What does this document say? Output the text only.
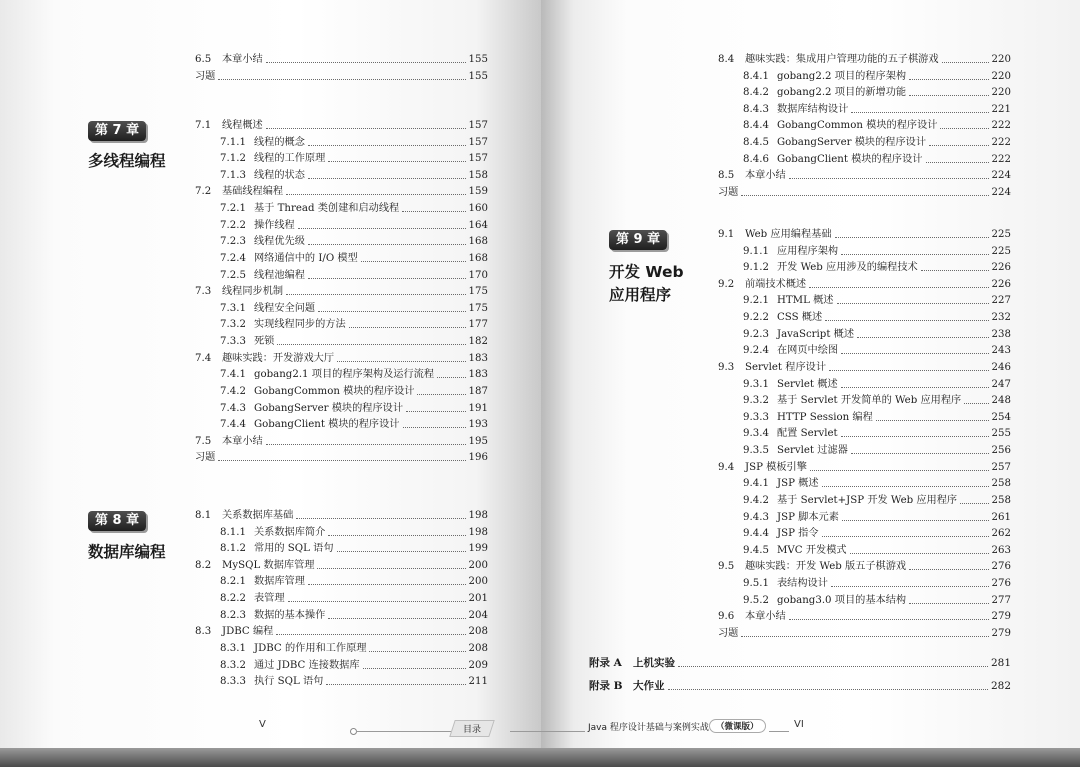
6.5 本章小结	155
习题	155
第 7 章
多线程编程
7.1 线程概述	157
7.1.1 线程的概念	157
7.1.2 线程的工作原理	157
7.1.3 线程的状态	158
7.2 基础线程编程	159
7.2.1 基于 Thread 类创建和启动线程	160
7.2.2 操作线程	164
7.2.3 线程优先级	168
7.2.4 网络通信中的 I/O 模型	168
7.2.5 线程池编程	170
7.3 线程同步机制	175
7.3.1 线程安全问题	175
7.3.2 实现线程同步的方法	177
7.3.3 死锁	182
7.4 趣味实践：开发游戏大厅	183
7.4.1 gobang2.1 项目的程序架构及运行流程	183
7.4.2 GobangCommon 模块的程序设计	187
7.4.3 GobangServer 模块的程序设计	191
7.4.4 GobangClient 模块的程序设计	193
7.5 本章小结	195
习题	196
第 8 章
数据库编程
8.1 关系数据库基础	198
8.1.1 关系数据库简介	198
8.1.2 常用的 SQL 语句	199
8.2 MySQL 数据库管理	200
8.2.1 数据库管理	200
8.2.2 表管理	201
8.2.3 数据的基本操作	204
8.3 JDBC 编程	208
8.3.1 JDBC 的作用和工作原理	208
8.3.2 通过 JDBC 连接数据库	209
8.3.3 执行 SQL 语句	211
V	目录
8.4 趣味实践：集成用户管理功能的五子棋游戏	220
8.4.1 gobang2.2 项目的程序架构	220
8.4.2 gobang2.2 项目的新增功能	220
8.4.3 数据库结构设计	221
8.4.4 GobangCommon 模块的程序设计	222
8.4.5 GobangServer 模块的程序设计	222
8.4.6 GobangClient 模块的程序设计	222
8.5 本章小结	224
习题	224
第 9 章
开发 Web
应用程序
9.1 Web 应用编程基础	225
9.1.1 应用程序架构	225
9.1.2 开发 Web 应用涉及的编程技术	226
9.2 前端技术概述	226
9.2.1 HTML 概述	227
9.2.2 CSS 概述	232
9.2.3 JavaScript 概述	238
9.2.4 在网页中绘图	243
9.3 Servlet 程序设计	246
9.3.1 Servlet 概述	247
9.3.2 基于 Servlet 开发简单的 Web 应用程序	248
9.3.3 HTTP Session 编程	254
9.3.4 配置 Servlet	255
9.3.5 Servlet 过滤器	256
9.4 JSP 模板引擎	257
9.4.1 JSP 概述	258
9.4.2 基于 Servlet+JSP 开发 Web 应用程序	258
9.4.3 JSP 脚本元素	261
9.4.4 JSP 指令	262
9.4.5 MVC 开发模式	263
9.5 趣味实践：开发 Web 版五子棋游戏	276
9.5.1 表结构设计	276
9.5.2 gobang3.0 项目的基本结构	277
9.6 本章小结	279
习题	279
附录 A 上机实验	281
附录 B 大作业	282
Java 程序设计基础与案例实战 （微课版）	VI
